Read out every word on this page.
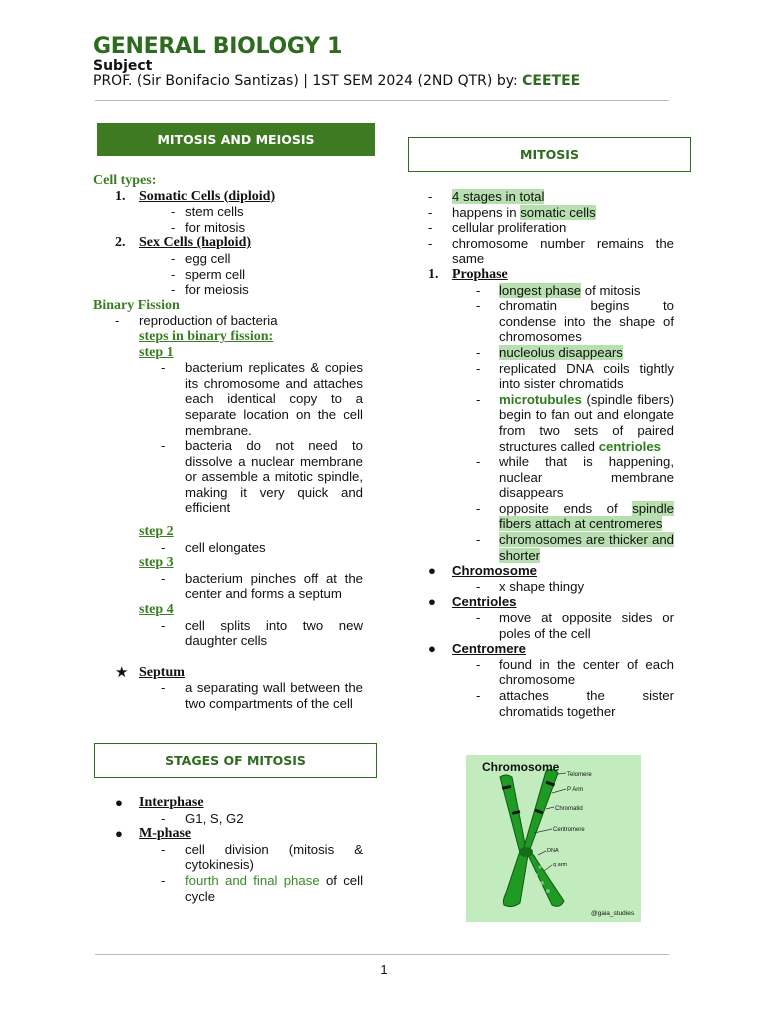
GENERAL BIOLOGY 1
Subject
PROF. (Sir Bonifacio Santizas) | 1ST SEM 2024 (2ND QTR) by: CEETEE
MITOSIS AND MEIOSIS
Cell types:
1. Somatic Cells (diploid)
- stem cells
- for mitosis
2. Sex Cells (haploid)
- egg cell
- sperm cell
- for meiosis
Binary Fission
-	reproduction of bacteria
steps in binary fission:
step 1
-	bacterium replicates & copies its chromosome and attaches each identical copy to a separate location on the cell membrane.
-	bacteria do not need to dissolve a nuclear membrane or assemble a mitotic spindle, making it very quick and efficient
step 2
-	cell elongates
step 3
-	bacterium pinches off at the center and forms a septum
step 4
-	cell splits into two new daughter cells
★ Septum
-	a separating wall between the two compartments of the cell
STAGES OF MITOSIS
●	Interphase
-	G1, S, G2
●	M-phase
-	cell division (mitosis & cytokinesis)
-	fourth and final phase of cell cycle
MITOSIS
-	4 stages in total
-	happens in somatic cells
-	cellular proliferation
-	chromosome number remains the same
1. Prophase
-	longest phase of mitosis
-	chromatin begins to condense into the shape of chromosomes
-	nucleolus disappears
-	replicated DNA coils tightly into sister chromatids
-	microtubules (spindle fibers) begin to fan out and elongate from two sets of paired structures called centrioles
-	while that is happening, nuclear membrane disappears
-	opposite ends of spindle fibers attach at centromeres
-	chromosomes are thicker and shorter
●	Chromosome
-	x shape thingy
●	Centrioles
-	move at opposite sides or poles of the cell
●	Centromere
-	found in the center of each chromosome
-	attaches the sister chromatids together
Chromosome
Telomere
P Arm
Chromatid
Centromere
DNA
q arm
@gaia_studies
1
